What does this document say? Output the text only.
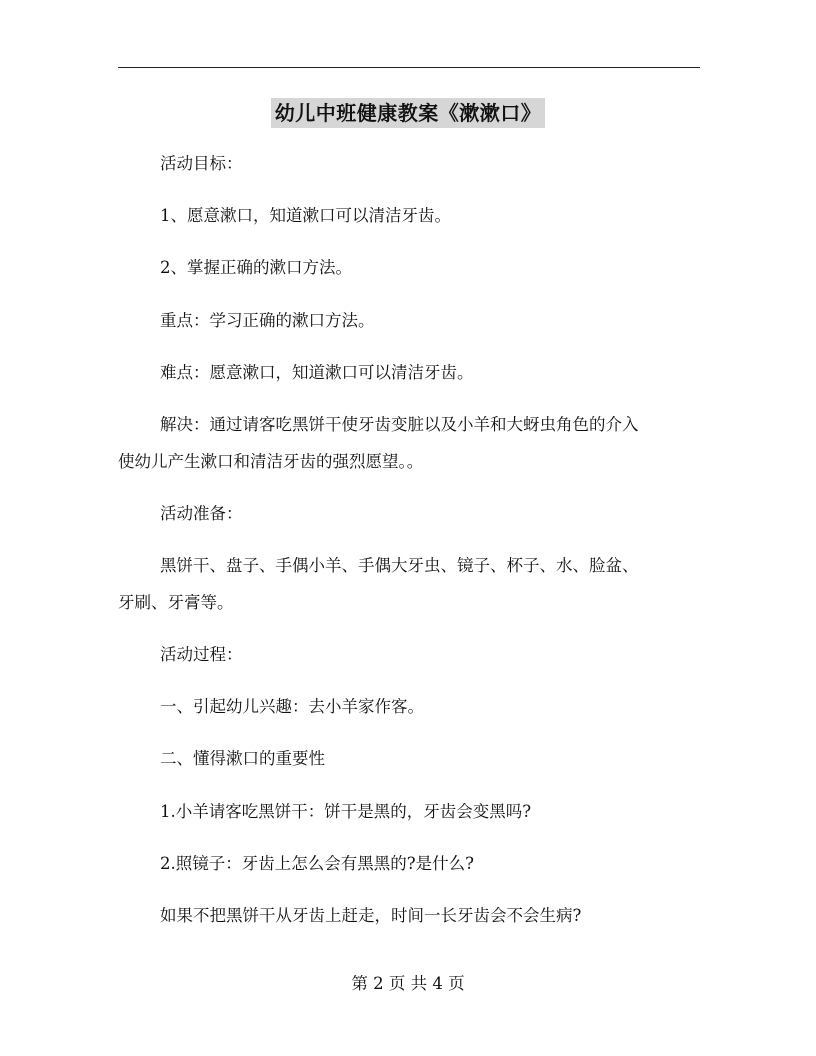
幼儿中班健康教案《漱漱口》
活动目标：
1、愿意漱口，知道漱口可以清洁牙齿。
2、掌握正确的漱口方法。
重点：学习正确的漱口方法。
难点：愿意漱口，知道漱口可以清洁牙齿。
解决：通过请客吃黑饼干使牙齿变脏以及小羊和大蚜虫角色的介入
使幼儿产生漱口和清洁牙齿的强烈愿望。。
活动准备：
黑饼干、盘子、手偶小羊、手偶大牙虫、镜子、杯子、水、脸盆、
牙刷、牙膏等。
活动过程：
一、引起幼儿兴趣：去小羊家作客。
二、懂得漱口的重要性
1.小羊请客吃黑饼干：饼干是黑的，牙齿会变黑吗?
2.照镜子：牙齿上怎么会有黑黑的?是什么?
如果不把黑饼干从牙齿上赶走，时间一长牙齿会不会生病?
第 2 页 共 4 页
